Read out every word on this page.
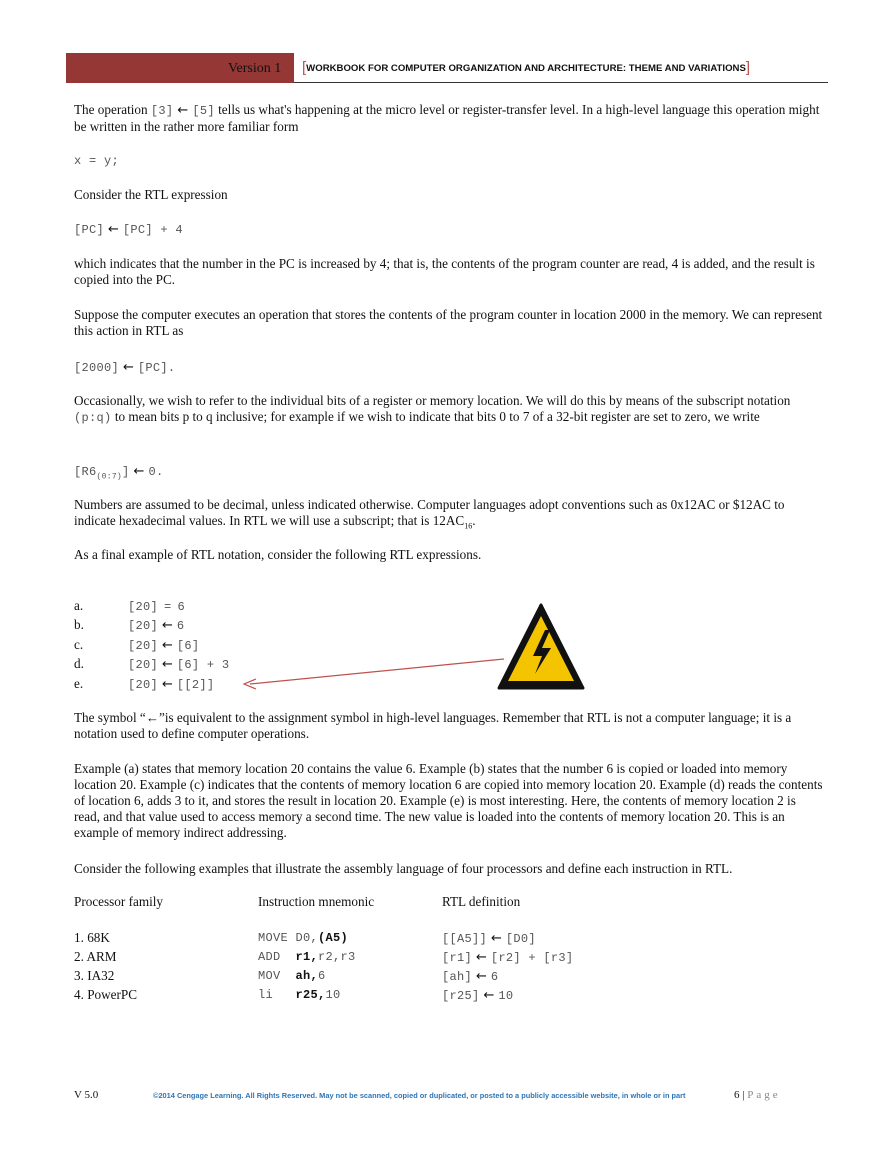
Version 1 [WORKBOOK FOR COMPUTER ORGANIZATION AND ARCHITECTURE: THEME AND VARIATIONS]
The operation [3] ← [5] tells us what's happening at the micro level or register-transfer level. In a high-level language this operation might be written in the rather more familiar form
x = y;
Consider the RTL expression
[PC] ← [PC] + 4
which indicates that the number in the PC is increased by 4; that is, the contents of the program counter are read, 4 is added, and the result is copied into the PC.
Suppose the computer executes an operation that stores the contents of the program counter in location 2000 in the memory. We can represent this action in RTL as
[2000] ← [PC].
Occasionally, we wish to refer to the individual bits of a register or memory location. We will do this by means of the subscript notation (p:q) to mean bits p to q inclusive; for example if we wish to indicate that bits 0 to 7 of a 32-bit register are set to zero, we write
$[R6_{(0:7)}]$ ← 0.
Numbers are assumed to be decimal, unless indicated otherwise. Computer languages adopt conventions such as 0x12AC or $12AC to indicate hexadecimal values. In RTL we will use a subscript; that is $12AC_{16}$.
As a final example of RTL notation, consider the following RTL expressions.
a.	[20] = 6
b.	[20] ← 6
c.	[20] ← [6]
d.	[20] ← [6] + 3
e.	[20] ← [[2]]
The symbol “←”is equivalent to the assignment symbol in high-level languages. Remember that RTL is not a computer language; it is a notation used to define computer operations.
Example (a) states that memory location 20 contains the value 6. Example (b) states that the number 6 is copied or loaded into memory location 20. Example (c) indicates that the contents of memory location 6 are copied into memory location 20. Example (d) reads the contents of location 6, adds 3 to it, and stores the result in location 20. Example (e) is most interesting. Here, the contents of memory location 2 is read, and that value used to access memory a second time. The new value is loaded into the contents of memory location 20. This is an example of memory indirect addressing.
Consider the following examples that illustrate the assembly language of four processors and define each instruction in RTL.
Processor family	Instruction mnemonic	RTL definition
1. 68K	MOVE D0,(A5)	[[A5]] ← [D0]
2. ARM	ADD  r1,r2,r3	[r1] ← [r2] + [r3]
3. IA32	MOV  ah,6	[ah] ← 6
4. PowerPC	li   r25,10	[r25] ← 10
V 5.0	©2014 Cengage Learning. All Rights Reserved. May not be scanned, copied or duplicated, or posted to a publicly accessible website, in whole or in part	6 | Page
